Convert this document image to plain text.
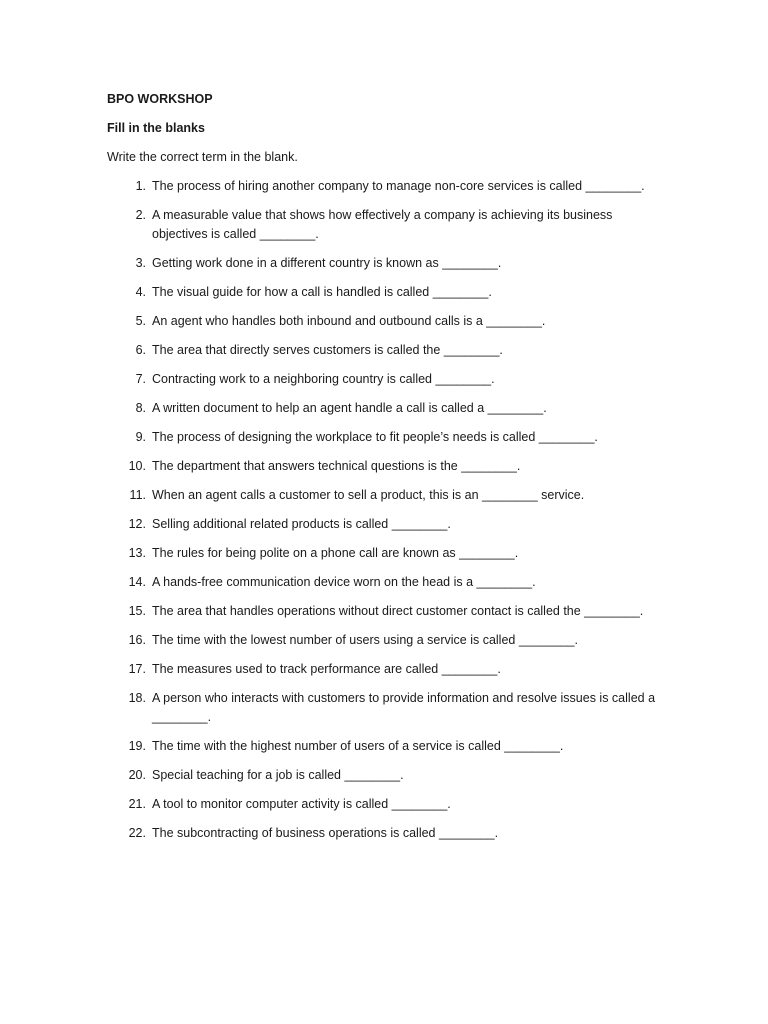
BPO WORKSHOP
Fill in the blanks
Write the correct term in the blank.
1. The process of hiring another company to manage non-core services is called ________.
2. A measurable value that shows how effectively a company is achieving its business objectives is called ________.
3. Getting work done in a different country is known as ________.
4. The visual guide for how a call is handled is called ________.
5. An agent who handles both inbound and outbound calls is a ________.
6. The area that directly serves customers is called the ________.
7. Contracting work to a neighboring country is called ________.
8. A written document to help an agent handle a call is called a ________.
9. The process of designing the workplace to fit people’s needs is called ________.
10. The department that answers technical questions is the ________.
11. When an agent calls a customer to sell a product, this is an ________ service.
12. Selling additional related products is called ________.
13. The rules for being polite on a phone call are known as ________.
14. A hands-free communication device worn on the head is a ________.
15. The area that handles operations without direct customer contact is called the ________.
16. The time with the lowest number of users using a service is called ________.
17. The measures used to track performance are called ________.
18. A person who interacts with customers to provide information and resolve issues is called a ________.
19. The time with the highest number of users of a service is called ________.
20. Special teaching for a job is called ________.
21. A tool to monitor computer activity is called ________.
22. The subcontracting of business operations is called ________.
